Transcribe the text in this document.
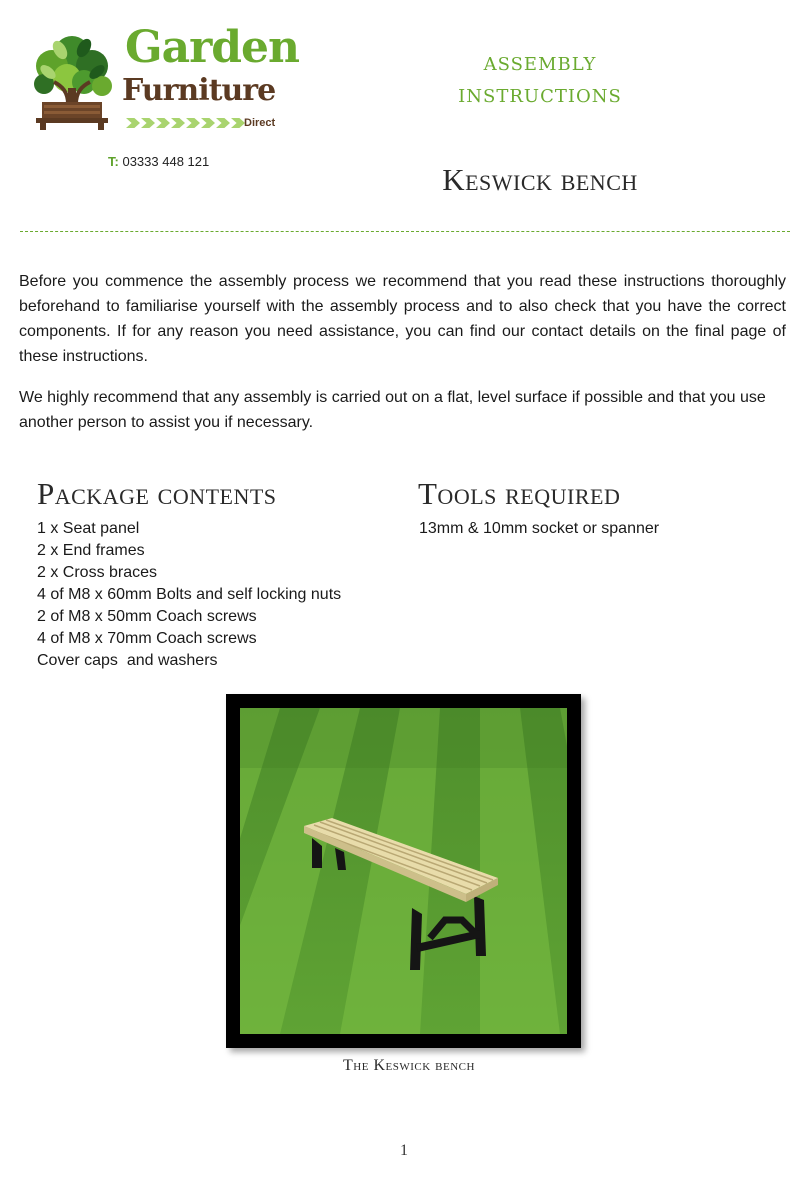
Garden
Furniture
Direct
T: 03333 448 121
assembly
instructions
Keswick bench

Before you commence the assembly process we recommend that you read these instructions thoroughly beforehand to familiarise yourself with the assembly process and to also check that you have the correct components. If for any reason you need assistance, you can find our contact details on the final page of these instructions.

We highly recommend that any assembly is carried out on a flat, level surface if possible and that you use another person to assist you if necessary.

Package contents
1 x Seat panel
2 x End frames
2 x Cross braces
4 of M8 x 60mm Bolts and self locking nuts
2 of M8 x 50mm Coach screws
4 of M8 x 70mm Coach screws
Cover caps  and washers
Tools required
13mm & 10mm socket or spanner
The Keswick bench
1
